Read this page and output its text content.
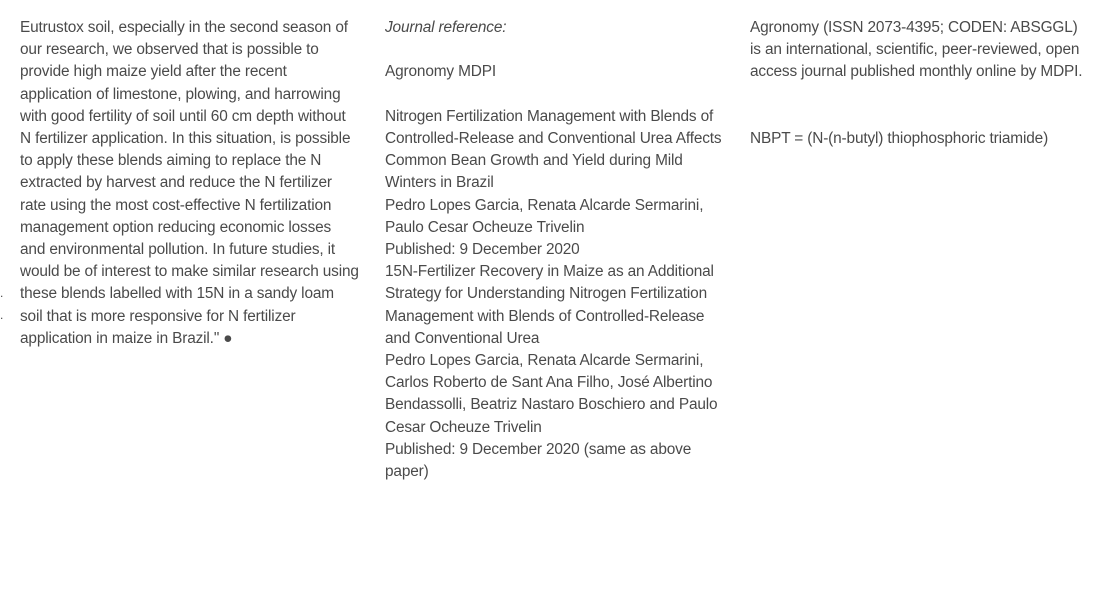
.
.

Eutrustox soil, especially in the second season of our research, we observed that is possible to provide high maize yield after the recent application of limestone, plowing, and harrowing with good fertility of soil until 60 cm depth without N fertilizer application. In this situation, is possible to apply these blends aiming to replace the N extracted by harvest and reduce the N fertilizer rate using the most cost-effective N fertilization management option reducing economic losses and environmental pollution. In future studies, it would be of interest to make similar research using these blends labelled with 15N in a sandy loam soil that is more responsive for N fertilizer application in maize in Brazil." ●

Journal reference:

Agronomy MDPI

Nitrogen Fertilization Management with Blends of Controlled-Release and Conventional Urea Affects Common Bean Growth and Yield during Mild Winters in Brazil

Pedro Lopes Garcia, Renata Alcarde Sermarini, Paulo Cesar Ocheuze Trivelin

Published: 9 December 2020

15N-Fertilizer Recovery in Maize as an Additional Strategy for Understanding Nitrogen Fertilization Management with Blends of Controlled-Release and Conventional Urea

Pedro Lopes Garcia, Renata Alcarde Sermarini, Carlos Roberto de Sant Ana Filho, José Albertino Bendassolli, Beatriz Nastaro Boschiero and Paulo Cesar Ocheuze Trivelin

Published: 9 December 2020 (same as above paper)

Agronomy (ISSN 2073-4395; CODEN: ABSGGL) is an international, scientific, peer-reviewed, open access journal published monthly online by MDPI.

NBPT = (N-(n-butyl) thiophosphoric triamide)
